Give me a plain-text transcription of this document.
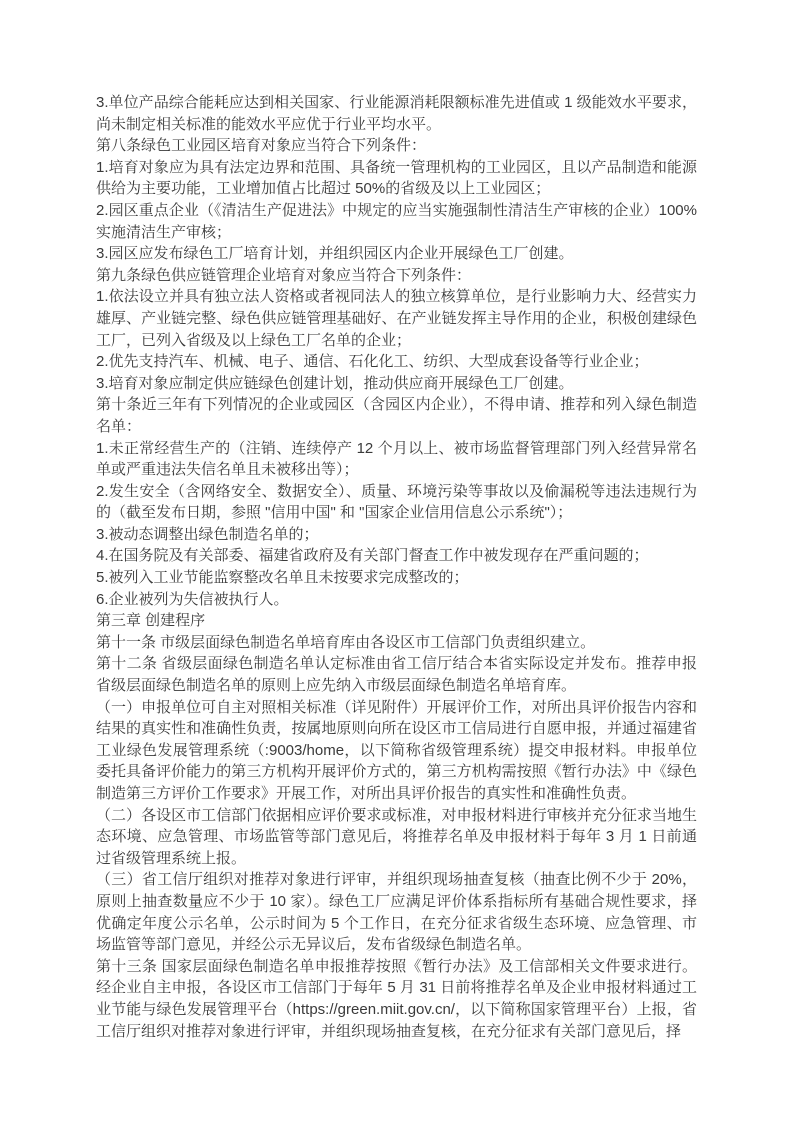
3.单位产品综合能耗应达到相关国家、行业能源消耗限额标准先进值或 1 级能效水平要求，尚未制定相关标准的能效水平应优于行业平均水平。

第八条绿色工业园区培育对象应当符合下列条件：

1.培育对象应为具有法定边界和范围、具备统一管理机构的工业园区，且以产品制造和能源供给为主要功能，工业增加值占比超过 50%的省级及以上工业园区；

2.园区重点企业（《清洁生产促进法》中规定的应当实施强制性清洁生产审核的企业）100%实施清洁生产审核；

3.园区应发布绿色工厂培育计划，并组织园区内企业开展绿色工厂创建。

第九条绿色供应链管理企业培育对象应当符合下列条件：

1.依法设立并具有独立法人资格或者视同法人的独立核算单位，是行业影响力大、经营实力雄厚、产业链完整、绿色供应链管理基础好、在产业链发挥主导作用的企业，积极创建绿色工厂，已列入省级及以上绿色工厂名单的企业；

2.优先支持汽车、机械、电子、通信、石化化工、纺织、大型成套设备等行业企业；

3.培育对象应制定供应链绿色创建计划，推动供应商开展绿色工厂创建。

第十条近三年有下列情况的企业或园区（含园区内企业），不得申请、推荐和列入绿色制造名单：

1.未正常经营生产的（注销、连续停产 12 个月以上、被市场监督管理部门列入经营异常名单或严重违法失信名单且未被移出等）；

2.发生安全（含网络安全、数据安全）、质量、环境污染等事故以及偷漏税等违法违规行为的（截至发布日期，参照 "信用中国" 和 "国家企业信用信息公示系统"）；

3.被动态调整出绿色制造名单的；

4.在国务院及有关部委、福建省政府及有关部门督查工作中被发现存在严重问题的；

5.被列入工业节能监察整改名单且未按要求完成整改的；

6.企业被列为失信被执行人。

第三章 创建程序

第十一条 市级层面绿色制造名单培育库由各设区市工信部门负责组织建立。

第十二条 省级层面绿色制造名单认定标准由省工信厅结合本省实际设定并发布。推荐申报省级层面绿色制造名单的原则上应先纳入市级层面绿色制造名单培育库。

（一）申报单位可自主对照相关标准（详见附件）开展评价工作，对所出具评价报告内容和结果的真实性和准确性负责，按属地原则向所在设区市工信局进行自愿申报，并通过福建省工业绿色发展管理系统（:9003/home，以下简称省级管理系统）提交申报材料。申报单位委托具备评价能力的第三方机构开展评价方式的，第三方机构需按照《暂行办法》中《绿色制造第三方评价工作要求》开展工作，对所出具评价报告的真实性和准确性负责。

（二）各设区市工信部门依据相应评价要求或标准，对申报材料进行审核并充分征求当地生态环境、应急管理、市场监管等部门意见后，将推荐名单及申报材料于每年 3 月 1 日前通过省级管理系统上报。

（三）省工信厅组织对推荐对象进行评审，并组织现场抽查复核（抽查比例不少于 20%，原则上抽查数量应不少于 10 家）。绿色工厂应满足评价体系指标所有基础合规性要求，择优确定年度公示名单，公示时间为 5 个工作日，在充分征求省级生态环境、应急管理、市场监管等部门意见，并经公示无异议后，发布省级绿色制造名单。

第十三条 国家层面绿色制造名单申报推荐按照《暂行办法》及工信部相关文件要求进行。经企业自主申报，各设区市工信部门于每年 5 月 31 日前将推荐名单及企业申报材料通过工业节能与绿色发展管理平台（https://green.miit.gov.cn/，以下简称国家管理平台）上报，省工信厅组织对推荐对象进行评审，并组织现场抽查复核，在充分征求有关部门意见后，择
